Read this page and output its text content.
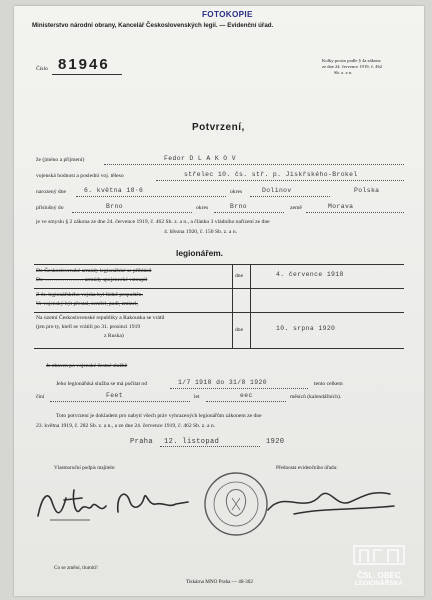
FOTOKOPIE
Ministerstvo národní obrany, Kancelář Československých legií. — Evidenční úřad.
Číslo 81946	Kolky prosto podle § 4a zákona
ze dne 24. července 1919, č. 462
Sb. z. a n.
Potvrzení,
že (jméno a příjmení)	Fedor D L A K O V
vojenská hodnost a poslední voj. těleso	střelec 10. čs. stř. p. Jiskřského-Brokel
narozený dne	6. května 18·6	okres	Dolinov	Polska
příslušný do	Brno	okres	Brno	země	Morava
je ve smyslu § 2 zákona ze dne 24. července 1919, č. 462 Sb. z. a n., a článku 3 vládního nařízení ze dne
4. března 1920, č. 150 Sb. z. a n.
legionářem.
Do Československé armády legionářské se přihlásil
Do ………………… armády spojenecké vstoupil
dne	4. července 1918
Z čs. legionářského vojska byl řádně propuštěn.
Ve vojenský být přestal, zemřel, padl, zmizel,
Na území Československé republiky a Rakouska se vrátil
(jen pro ty, kteří se vrátili po 31. prosinci 1919
z Ruska)
dne	10. srpna 1920
Je zbaven po vojenské čestné službě
Jeho legionářská služba se má počítat od	1/7 1918 do 31/8 1920	tento celkem
činí	Feet	let	eec	měsíců (kalendářních).
Toto potvrzení je dokladem pro nabytí všech práv vyhrazených legionářům zákonem ze dne
23. května 1919, č. 282 Sb. z. a n., a ze dne 24. července 1919, č. 462 Sb. z. a n.
Praha 12. listopad	1920
Vlastnoruční podpis majitele:	Přednosta evidenčního úřadu:
Co se změní, tlumiti!
Tiskárna MNO Praha — 48-302
ČSL. OBEC
LEGIONÁŘSKÁ
